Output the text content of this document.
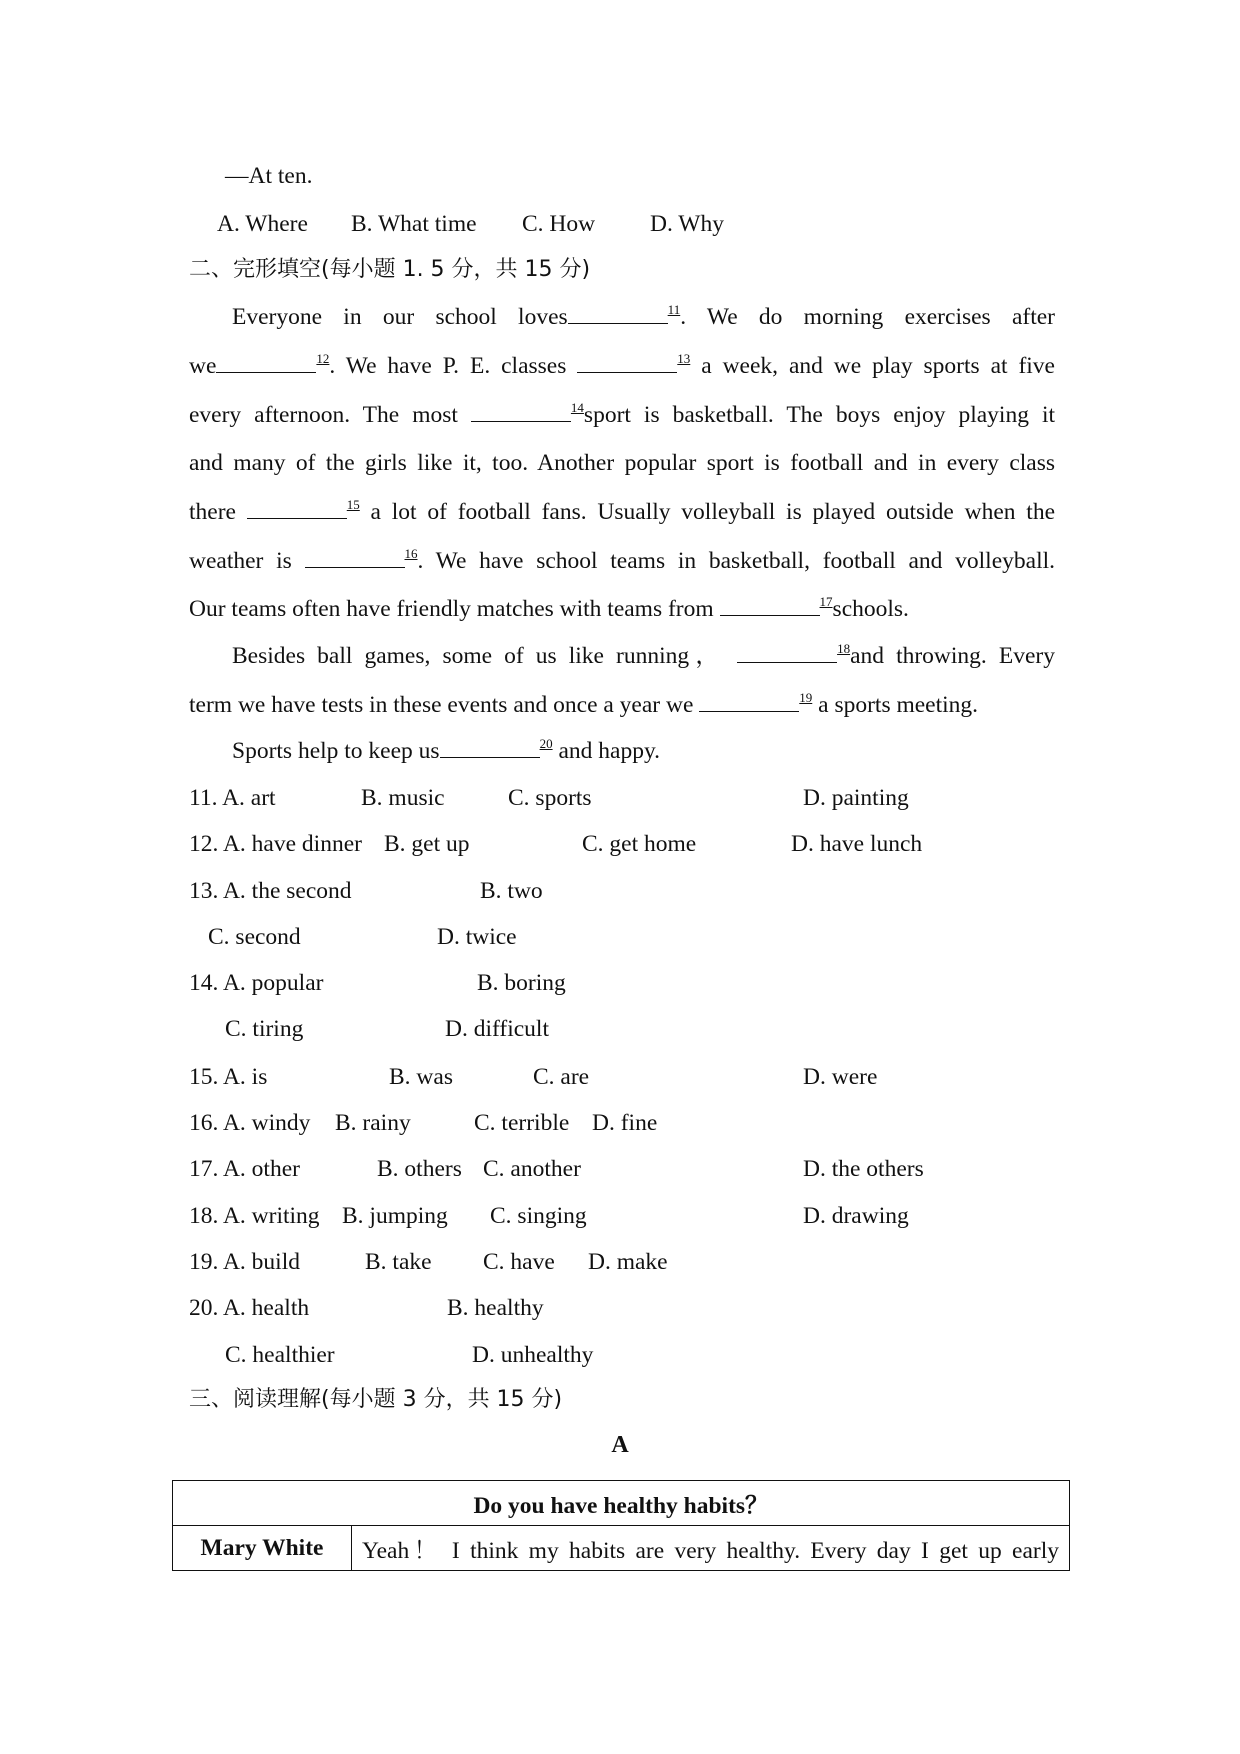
—At ten.
A. Where B. What time C. How D. Why
二、完形填空(每小题 1. 5 分，共 15 分)
Everyone in our school loves	$^{11}$. We do morning exercises after
we	$^{12}$. We have P. E. classes	$^{13}$ a week, and we play sports at five
every afternoon. The most	$^{14}$sport is basketball. The boys enjoy playing it
and many of the girls like it, too. Another popular sport is football and in every class
there	$^{15}$ a lot of football fans. Usually volleyball is played outside when the
weather is	$^{16}$. We have school teams in basketball, football and volleyball.
Our teams often have friendly matches with teams from	$^{17}$schools.
Besides ball games, some of us like running，	$^{18}$and throwing. Every
term we have tests in these events and once a year we	$^{19}$ a sports meeting.
Sports help to keep us	$^{20}$ and happy.
11. A. art	B. music	C. sports	D. painting
12. A. have dinner B. get up	C. get home	D. have lunch
13. A. the second	B. two
C. second	D. twice
14. A. popular	B. boring
C. tiring	D. difficult
15. A. is	B. was	C. are	D. were
16. A. windy B. rainy	C. terrible D. fine
17. A. other	B. others C. another	D. the others
18. A. writing B. jumping C. singing	D. drawing
19. A. build	B. take C. have D. make
20. A. health	B. healthy
C. healthier	D. unhealthy
三、阅读理解(每小题 3 分，共 15 分)
A
Do you have healthy habits？
Mary White	Yeah！ I think my habits are very healthy. Every day I get up early
